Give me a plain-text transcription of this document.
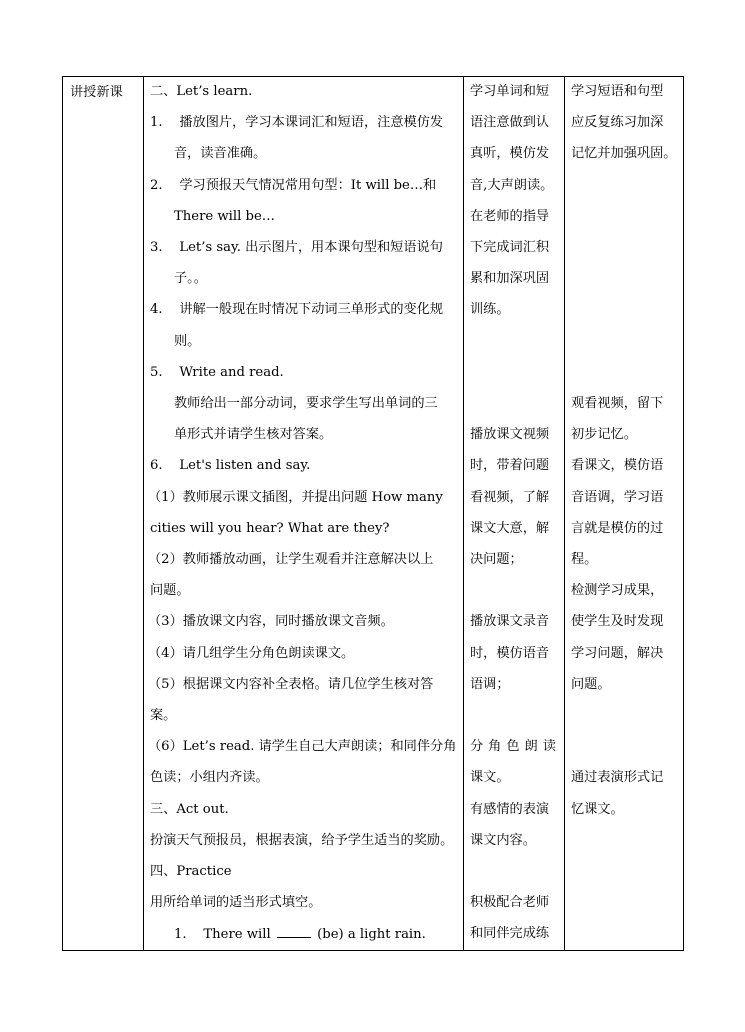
讲授新课 二、Let’s learn.
1.    播放图片，学习本课词汇和短语，注意模仿发
音，读音准确。
2.    学习预报天气情况常用句型：It will be…和
There will be…
3.    Let’s say. 出示图片，用本课句型和短语说句
子。。
4.    讲解一般现在时情况下动词三单形式的变化规
则。
5.    Write and read.
教师给出一部分动词，要求学生写出单词的三
单形式并请学生核对答案。
6.    Let's listen and say.
（1）教师展示课文插图，并提出问题 How many
cities will you hear? What are they?
（2）教师播放动画，让学生观看并注意解决以上
问题。
（3）播放课文内容，同时播放课文音频。
（4）请几组学生分角色朗读课文。
（5）根据课文内容补全表格。请几位学生核对答
案。
（6）Let’s read. 请学生自己大声朗读；和同伴分角
色读；小组内齐读。
三、Act out.
扮演天气预报员，根据表演，给予学生适当的奖励。
四、Practice
用所给单词的适当形式填空。
1. There will	(be) a light rain.
学习单词和短
语注意做到认
真听，模仿发
音,大声朗读。
在老师的指导
下完成词汇积
累和加深巩固
训练。
播放课文视频
时，带着问题
看视频，了解
课文大意，解
决问题；
播放课文录音
时，模仿语音
语调；
分角色朗读
课文。
有感情的表演
课文内容。
积极配合老师
和同伴完成练
学习短语和句型
应反复练习加深
记忆并加强巩固。
观看视频，留下
初步记忆。
看课文，模仿语
音语调，学习语
言就是模仿的过
程。
检测学习成果，
使学生及时发现
学习问题，解决
问题。
通过表演形式记
忆课文。
